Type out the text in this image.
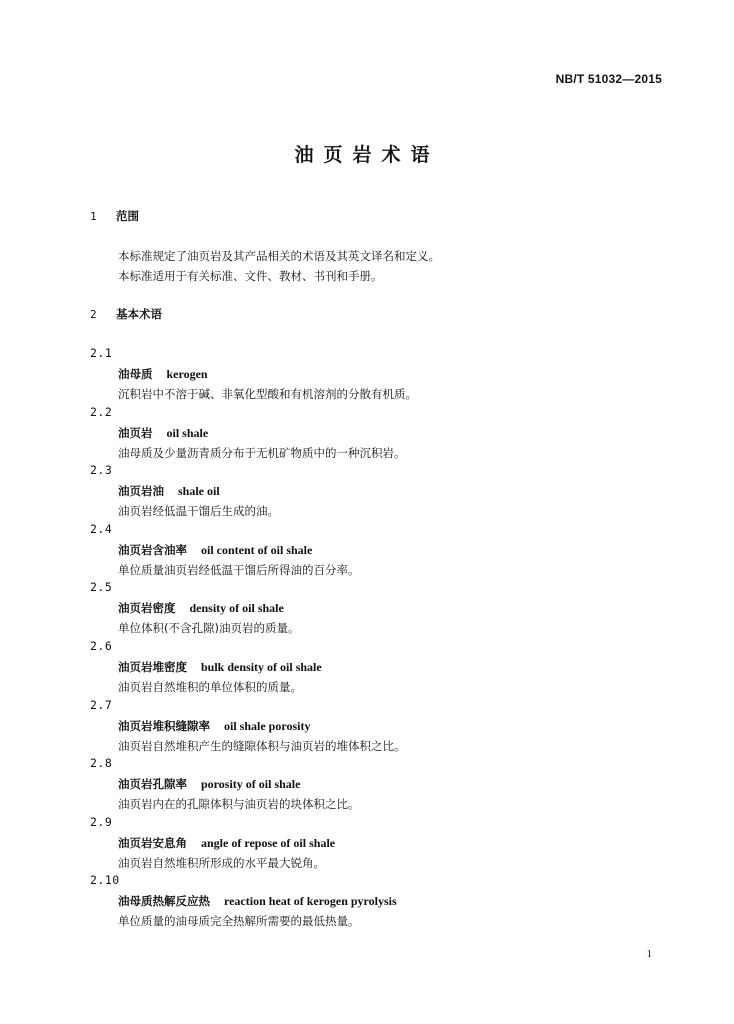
NB/T 51032—2015
油页岩术语
1 范围
本标准规定了油页岩及其产品相关的术语及其英文译名和定义。
本标准适用于有关标准、文件、教材、书刊和手册。
2 基本术语
2.1
油母质 kerogen
沉积岩中不溶于碱、非氧化型酸和有机溶剂的分散有机质。
2.2
油页岩 oil shale
油母质及少量沥青质分布于无机矿物质中的一种沉积岩。
2.3
油页岩油 shale oil
油页岩经低温干馏后生成的油。
2.4
油页岩含油率 oil content of oil shale
单位质量油页岩经低温干馏后所得油的百分率。
2.5
油页岩密度 density of oil shale
单位体积(不含孔隙)油页岩的质量。
2.6
油页岩堆密度 bulk density of oil shale
油页岩自然堆积的单位体积的质量。
2.7
油页岩堆积缝隙率 oil shale porosity
油页岩自然堆积产生的缝隙体积与油页岩的堆体积之比。
2.8
油页岩孔隙率 porosity of oil shale
油页岩内在的孔隙体积与油页岩的块体积之比。
2.9
油页岩安息角 angle of repose of oil shale
油页岩自然堆积所形成的水平最大锐角。
2.10
油母质热解反应热 reaction heat of kerogen pyrolysis
单位质量的油母质完全热解所需要的最低热量。
1
